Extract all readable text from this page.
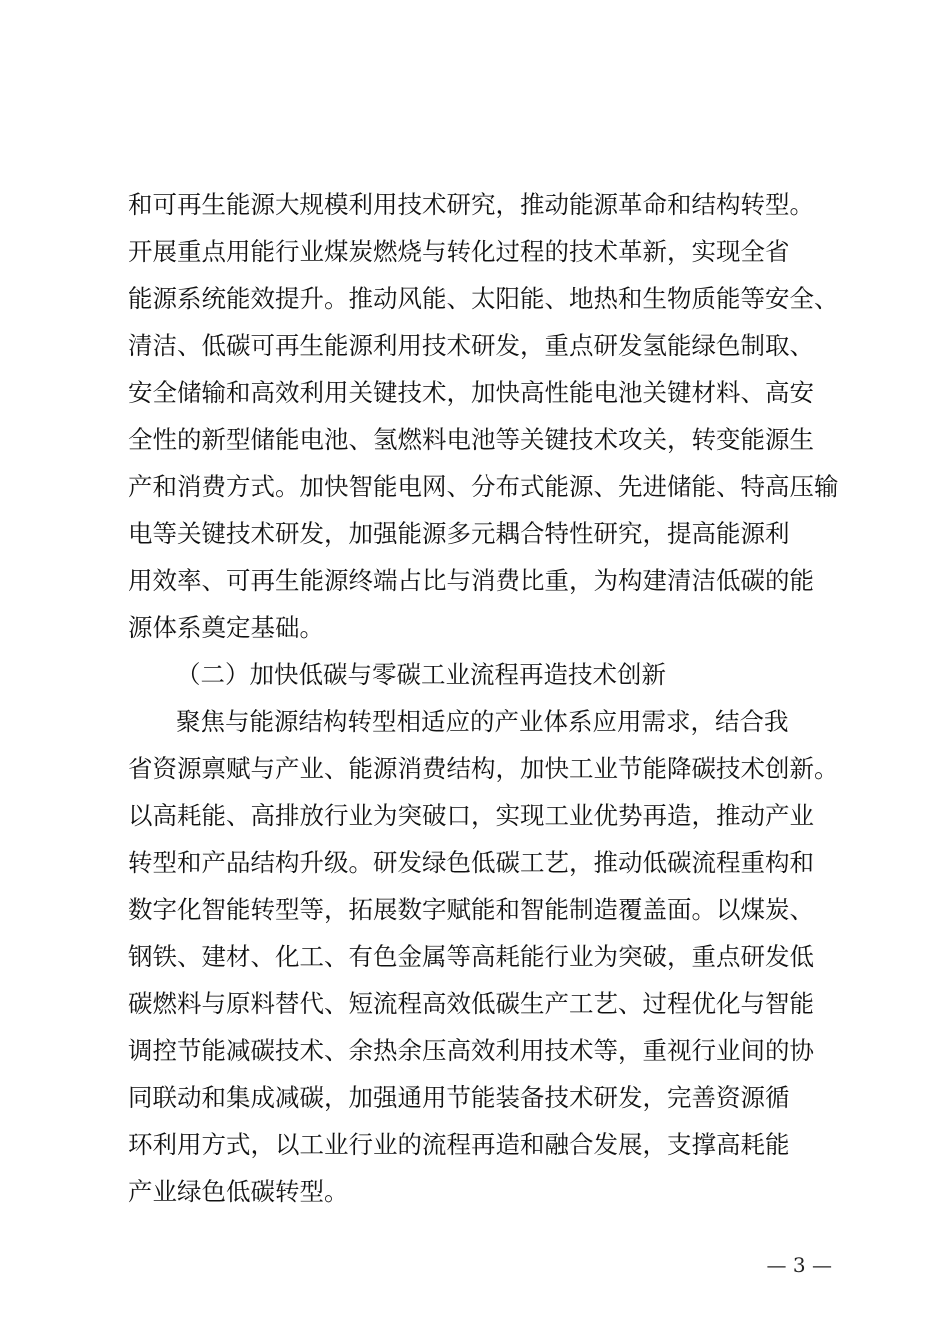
和可再生能源大规模利用技术研究，推动能源革命和结构转型。
开展重点用能行业煤炭燃烧与转化过程的技术革新，实现全省
能源系统能效提升。推动风能、太阳能、地热和生物质能等安全、
清洁、低碳可再生能源利用技术研发，重点研发氢能绿色制取、
安全储输和高效利用关键技术，加快高性能电池关键材料、高安
全性的新型储能电池、氢燃料电池等关键技术攻关，转变能源生
产和消费方式。加快智能电网、分布式能源、先进储能、特高压输
电等关键技术研发，加强能源多元耦合特性研究，提高能源利
用效率、可再生能源终端占比与消费比重，为构建清洁低碳的能
源体系奠定基础。
（二）加快低碳与零碳工业流程再造技术创新
聚焦与能源结构转型相适应的产业体系应用需求，结合我
省资源禀赋与产业、能源消费结构，加快工业节能降碳技术创新。
以高耗能、高排放行业为突破口，实现工业优势再造，推动产业
转型和产品结构升级。研发绿色低碳工艺，推动低碳流程重构和
数字化智能转型等，拓展数字赋能和智能制造覆盖面。以煤炭、
钢铁、建材、化工、有色金属等高耗能行业为突破，重点研发低
碳燃料与原料替代、短流程高效低碳生产工艺、过程优化与智能
调控节能减碳技术、余热余压高效利用技术等，重视行业间的协
同联动和集成减碳，加强通用节能装备技术研发，完善资源循
环利用方式，以工业行业的流程再造和融合发展，支撑高耗能
产业绿色低碳转型。
— 3 —
